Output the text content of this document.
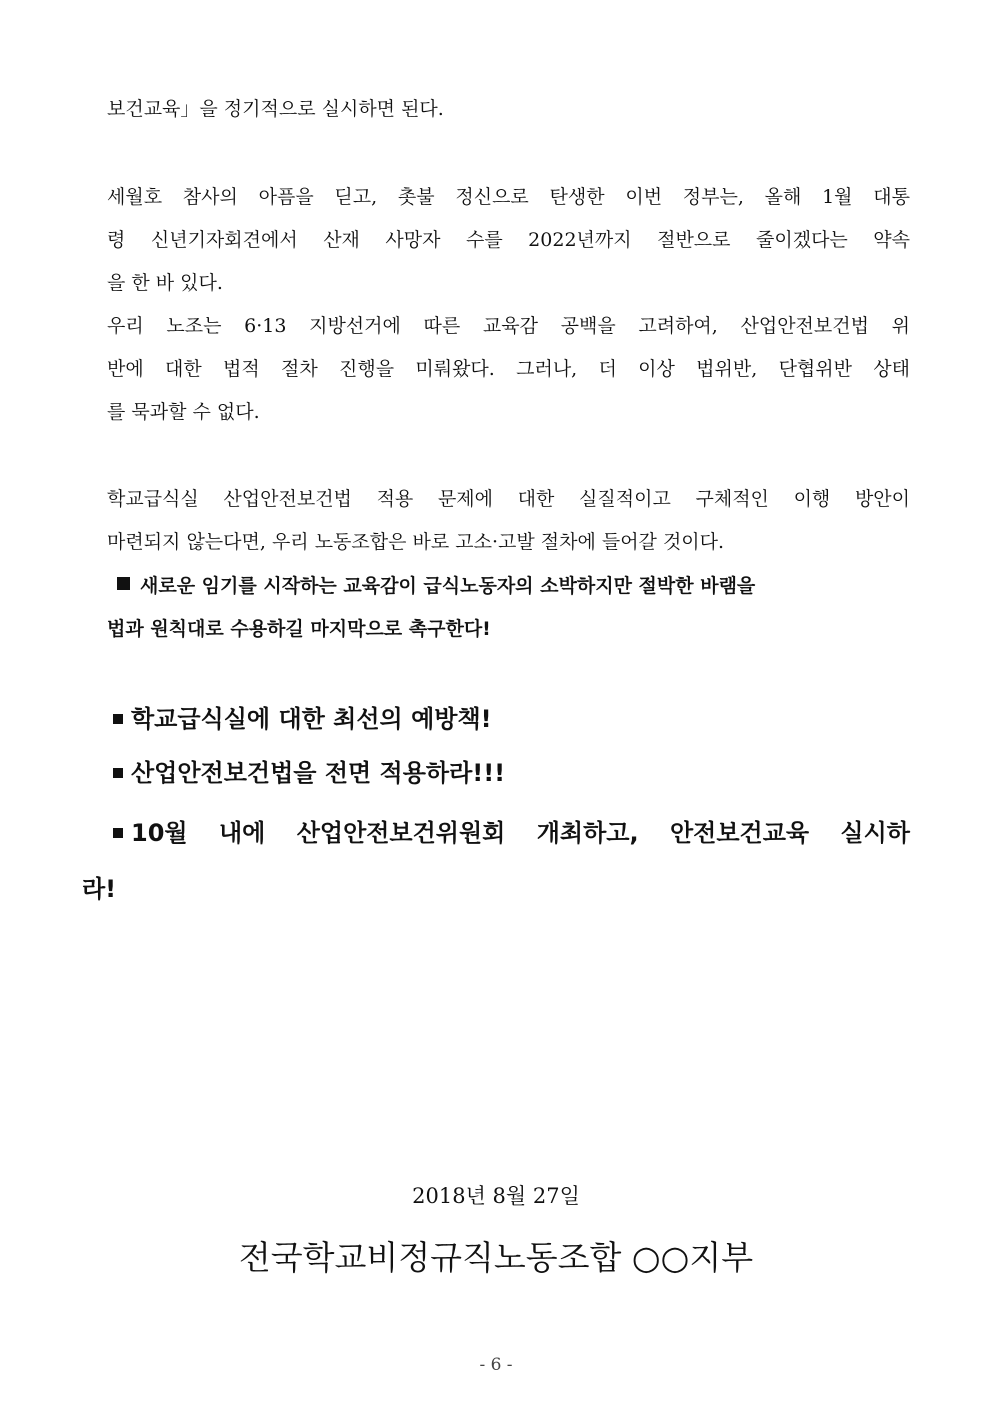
보건교육」을 정기적으로 실시하면 된다.
세월호 참사의 아픔을 딛고, 촛불 정신으로 탄생한 이번 정부는, 올해 1월 대통
령 신년기자회견에서 산재 사망자 수를 2022년까지 절반으로 줄이겠다는 약속
을 한 바 있다.
우리 노조는 6·13 지방선거에 따른 교육감 공백을 고려하여, 산업안전보건법 위
반에 대한 법적 절차 진행을 미뤄왔다. 그러나, 더 이상 법위반, 단협위반 상태
를 묵과할 수 없다.
학교급식실 산업안전보건법 적용 문제에 대한 실질적이고 구체적인 이행 방안이
마련되지 않는다면, 우리 노동조합은 바로 고소·고발 절차에 들어갈 것이다.
새로운 임기를 시작하는 교육감이 급식노동자의 소박하지만 절박한 바램을
법과 원칙대로 수용하길 마지막으로 촉구한다!
학교급식실에 대한 최선의 예방책!
산업안전보건법을 전면 적용하라!!!
10월 내에 산업안전보건위원회 개최하고, 안전보건교육 실시하
라!
2018년 8월 27일
전국학교비정규직노동조합 ○○지부
- 6 -
